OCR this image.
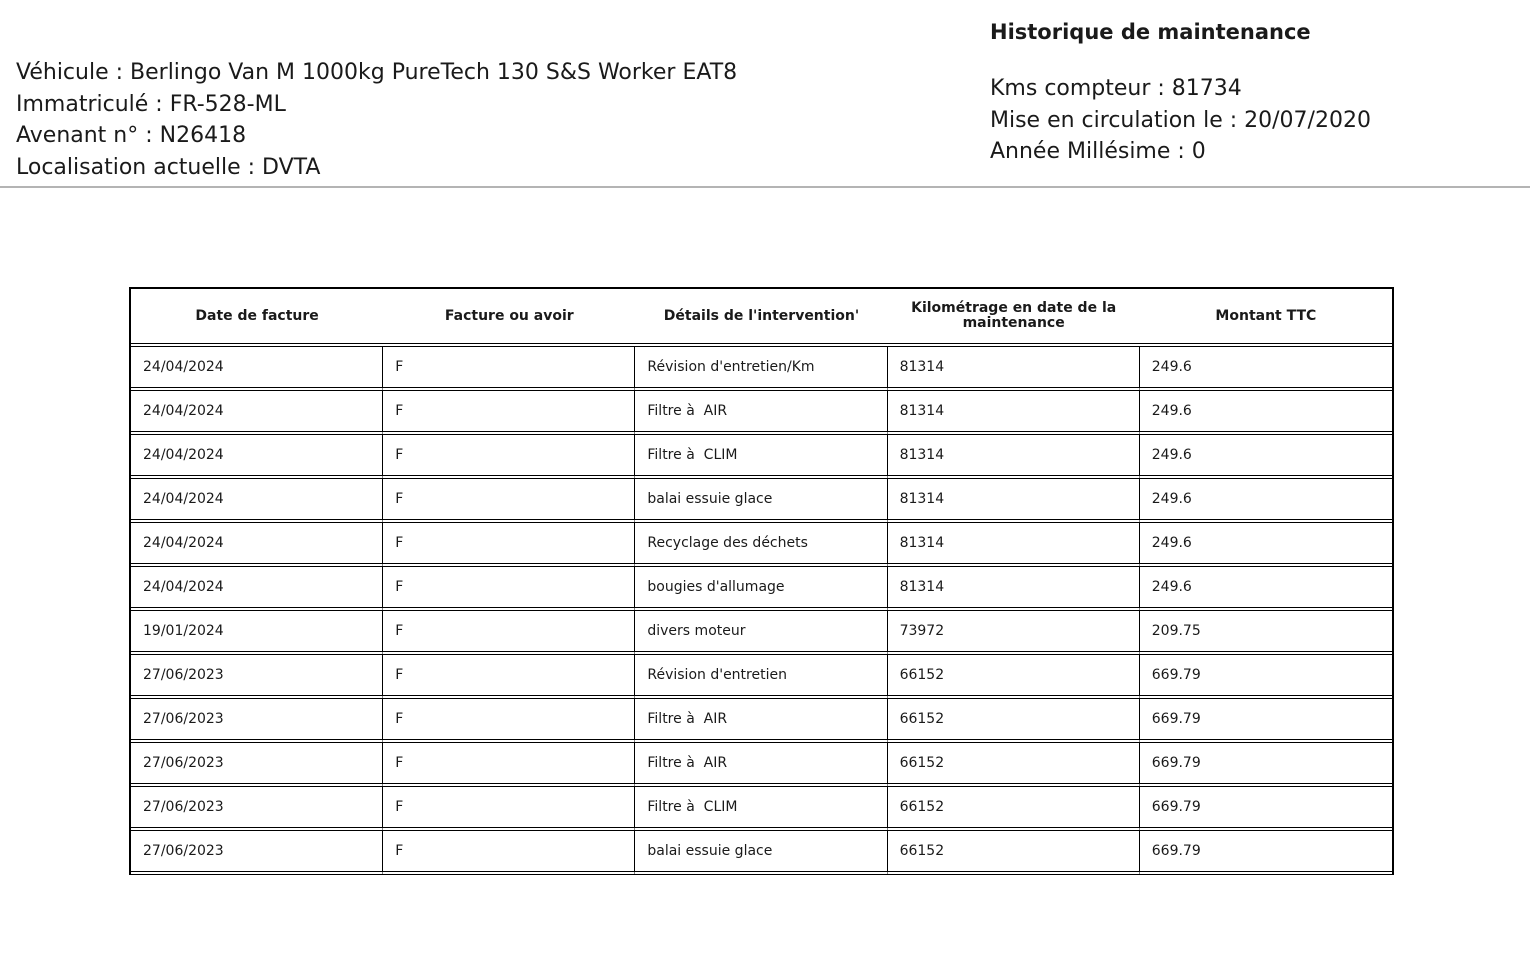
Véhicule : Berlingo Van M 1000kg PureTech 130 S&S Worker EAT8
Immatriculé : FR-528-ML
Avenant n° : N26418
Localisation actuelle : DVTA
Historique de maintenance
Kms compteur : 81734
Mise en circulation le : 20/07/2020
Année Millésime : 0
Date de facture	Facture ou avoir	Détails de l'intervention'	Kilométrage en date de la maintenance	Montant TTC
24/04/2024	F	Révision d'entretien/Km	81314	249.6
24/04/2024	F	Filtre à  AIR	81314	249.6
24/04/2024	F	Filtre à  CLIM	81314	249.6
24/04/2024	F	balai essuie glace	81314	249.6
24/04/2024	F	Recyclage des déchets	81314	249.6
24/04/2024	F	bougies d'allumage	81314	249.6
19/01/2024	F	divers moteur	73972	209.75
27/06/2023	F	Révision d'entretien	66152	669.79
27/06/2023	F	Filtre à  AIR	66152	669.79
27/06/2023	F	Filtre à  AIR	66152	669.79
27/06/2023	F	Filtre à  CLIM	66152	669.79
27/06/2023	F	balai essuie glace	66152	669.79
